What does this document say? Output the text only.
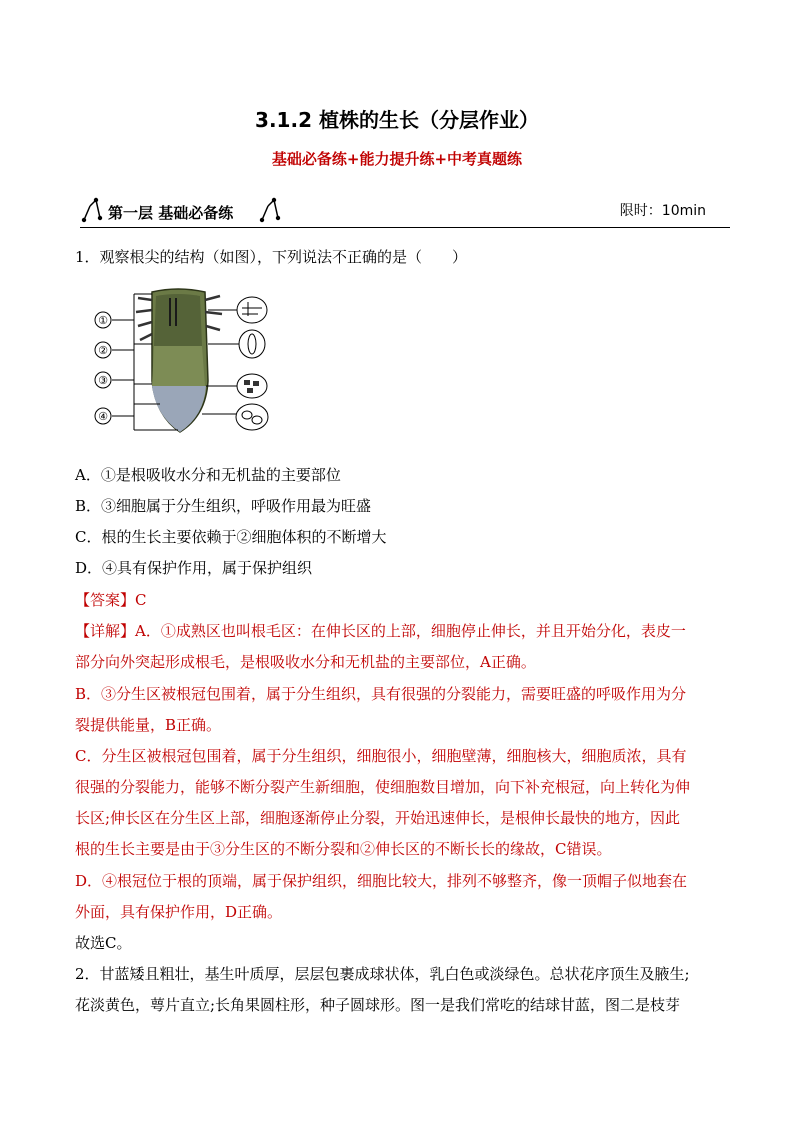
3.1.2 植株的生长（分层作业）
基础必备练+能力提升练+中考真题练
第一层 基础必备练	限时：10min
1．观察根尖的结构（如图），下列说法不正确的是（　　）
①
②
③
④
A．①是根吸收水分和无机盐的主要部位
B．③细胞属于分生组织，呼吸作用最为旺盛
C．根的生长主要依赖于②细胞体积的不断增大
D．④具有保护作用，属于保护组织
【答案】C
【详解】A．①成熟区也叫根毛区：在伸长区的上部，细胞停止伸长，并且开始分化，表皮一
部分向外突起形成根毛，是根吸收水分和无机盐的主要部位，A正确。
B．③分生区被根冠包围着，属于分生组织，具有很强的分裂能力，需要旺盛的呼吸作用为分
裂提供能量，B正确。
C．分生区被根冠包围着，属于分生组织，细胞很小，细胞壁薄，细胞核大，细胞质浓，具有
很强的分裂能力，能够不断分裂产生新细胞，使细胞数目增加，向下补充根冠，向上转化为伸
长区;伸长区在分生区上部，细胞逐渐停止分裂，开始迅速伸长，是根伸长最快的地方，因此
根的生长主要是由于③分生区的不断分裂和②伸长区的不断长长的缘故，C错误。
D．④根冠位于根的顶端，属于保护组织，细胞比较大，排列不够整齐，像一顶帽子似地套在
外面，具有保护作用，D正确。
故选C。
2．甘蓝矮且粗壮，基生叶质厚，层层包裹成球状体，乳白色或淡绿色。总状花序顶生及腋生;
花淡黄色，萼片直立;长角果圆柱形，种子圆球形。图一是我们常吃的结球甘蓝，图二是枝芽
